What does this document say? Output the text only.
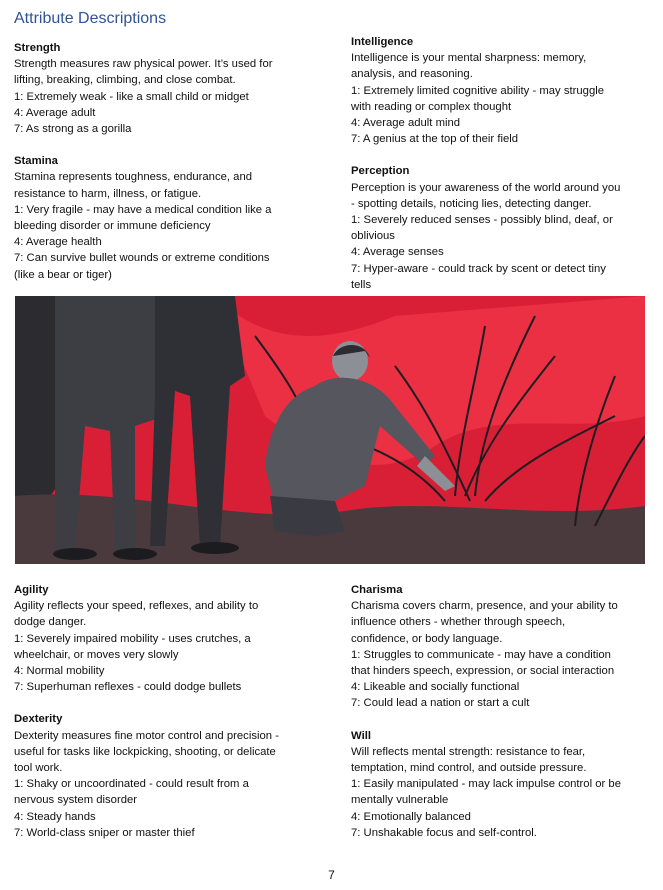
Attribute Descriptions
Strength
Strength measures raw physical power. It’s used for
lifting, breaking, climbing, and close combat.
1: Extremely weak - like a small child or midget
4: Average adult
7: As strong as a gorilla
Stamina
Stamina represents toughness, endurance, and
resistance to harm, illness, or fatigue.
1: Very fragile - may have a medical condition like a
bleeding disorder or immune deficiency
4: Average health
7: Can survive bullet wounds or extreme conditions
(like a bear or tiger)
Intelligence
Intelligence is your mental sharpness: memory,
analysis, and reasoning.
1: Extremely limited cognitive ability - may struggle
with reading or complex thought
4: Average adult mind
7: A genius at the top of their field
Perception
Perception is your awareness of the world around you
- spotting details, noticing lies, detecting danger.
1: Severely reduced senses - possibly blind, deaf, or
oblivious
4: Average senses
7: Hyper-aware - could track by scent or detect tiny
tells
Agility
Agility reflects your speed, reflexes, and ability to
dodge danger.
1: Severely impaired mobility - uses crutches, a
wheelchair, or moves very slowly
4: Normal mobility
7: Superhuman reflexes - could dodge bullets
Dexterity
Dexterity measures fine motor control and precision -
useful for tasks like lockpicking, shooting, or delicate
tool work.
1: Shaky or uncoordinated - could result from a
nervous system disorder
4: Steady hands
7: World-class sniper or master thief
Charisma
Charisma covers charm, presence, and your ability to
influence others - whether through speech,
confidence, or body language.
1: Struggles to communicate - may have a condition
that hinders speech, expression, or social interaction
4: Likeable and socially functional
7: Could lead a nation or start a cult
Will
Will reflects mental strength: resistance to fear,
temptation, mind control, and outside pressure.
1: Easily manipulated - may lack impulse control or be
mentally vulnerable
4: Emotionally balanced
7: Unshakable focus and self-control.
7
